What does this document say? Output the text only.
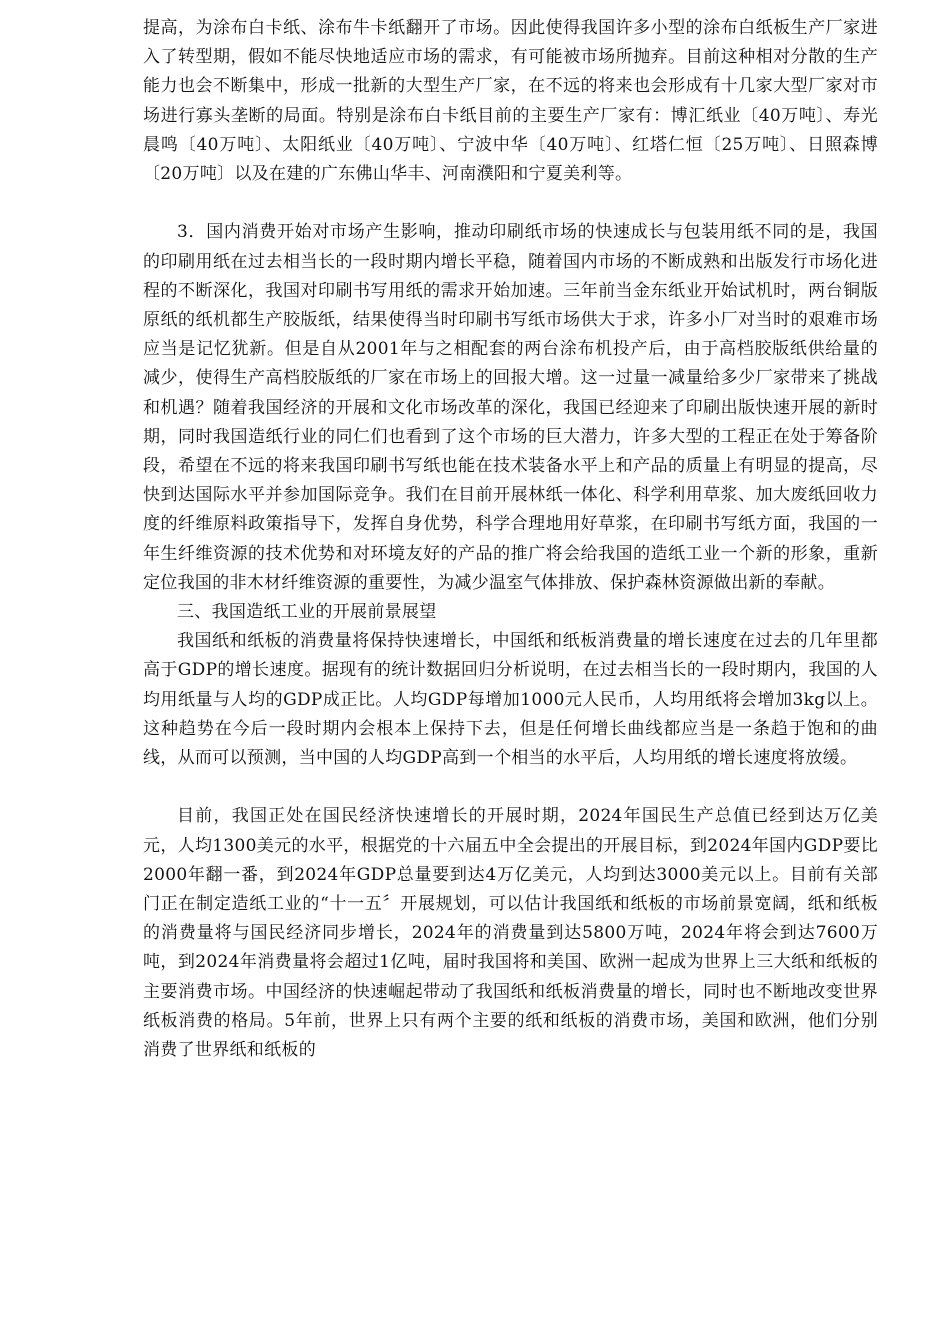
提高，为涂布白卡纸、涂布牛卡纸翻开了市场。因此使得我国许多小型的涂布白纸板生产厂家进入了转型期，假如不能尽快地适应市场的需求，有可能被市场所抛弃。目前这种相对分散的生产能力也会不断集中，形成一批新的大型生产厂家，在不远的将来也会形成有十几家大型厂家对市场进行寡头垄断的局面。特别是涂布白卡纸目前的主要生产厂家有：博汇纸业〔40万吨〕、寿光晨鸣〔40万吨〕、太阳纸业〔40万吨〕、宁波中华〔40万吨〕、红塔仁恒〔25万吨〕、日照森博〔20万吨〕以及在建的广东佛山华丰、河南濮阳和宁夏美利等。

3．国内消费开始对市场产生影响，推动印刷纸市场的快速成长与包装用纸不同的是，我国的印刷用纸在过去相当长的一段时期内增长平稳，随着国内市场的不断成熟和出版发行市场化进程的不断深化，我国对印刷书写用纸的需求开始加速。三年前当金东纸业开始试机时，两台铜版原纸的纸机都生产胶版纸，结果使得当时印刷书写纸市场供大于求，许多小厂对当时的艰难市场应当是记忆犹新。但是自从2001年与之相配套的两台涂布机投产后，由于高档胶版纸供给量的减少，使得生产高档胶版纸的厂家在市场上的回报大增。这一过量一减量给多少厂家带来了挑战和机遇？随着我国经济的开展和文化市场改革的深化，我国已经迎来了印刷出版快速开展的新时期，同时我国造纸行业的同仁们也看到了这个市场的巨大潜力，许多大型的工程正在处于筹备阶段，希望在不远的将来我国印刷书写纸也能在技术装备水平上和产品的质量上有明显的提高，尽快到达国际水平并参加国际竞争。我们在目前开展林纸一体化、科学利用草浆、加大废纸回收力度的纤维原料政策指导下，发挥自身优势，科学合理地用好草浆，在印刷书写纸方面，我国的一年生纤维资源的技术优势和对环境友好的产品的推广将会给我国的造纸工业一个新的形象，重新定位我国的非木材纤维资源的重要性，为减少温室气体排放、保护森林资源做出新的奉献。

三、我国造纸工业的开展前景展望

我国纸和纸板的消费量将保持快速增长，中国纸和纸板消费量的增长速度在过去的几年里都高于GDP的增长速度。据现有的统计数据回归分析说明，在过去相当长的一段时期内，我国的人均用纸量与人均的GDP成正比。人均GDP每增加1000元人民币，人均用纸将会增加3kg以上。这种趋势在今后一段时期内会根本上保持下去，但是任何增长曲线都应当是一条趋于饱和的曲线，从而可以预测，当中国的人均GDP高到一个相当的水平后，人均用纸的增长速度将放缓。

目前，我国正处在国民经济快速增长的开展时期，2024年国民生产总值已经到达万亿美元，人均1300美元的水平，根据党的十六届五中全会提出的开展目标，到2024年国内GDP要比2000年翻一番，到2024年GDP总量要到达4万亿美元，人均到达3000美元以上。目前有关部门正在制定造纸工业的“十一五〞开展规划，可以估计我国纸和纸板的市场前景宽阔，纸和纸板的消费量将与国民经济同步增长，2024年的消费量到达5800万吨，2024年将会到达7600万吨，到2024年消费量将会超过1亿吨，届时我国将和美国、欧洲一起成为世界上三大纸和纸板的主要消费市场。中国经济的快速崛起带动了我国纸和纸板消费量的增长，同时也不断地改变世界纸板消费的格局。5年前，世界上只有两个主要的纸和纸板的消费市场，美国和欧洲，他们分别消费了世界纸和纸板的
